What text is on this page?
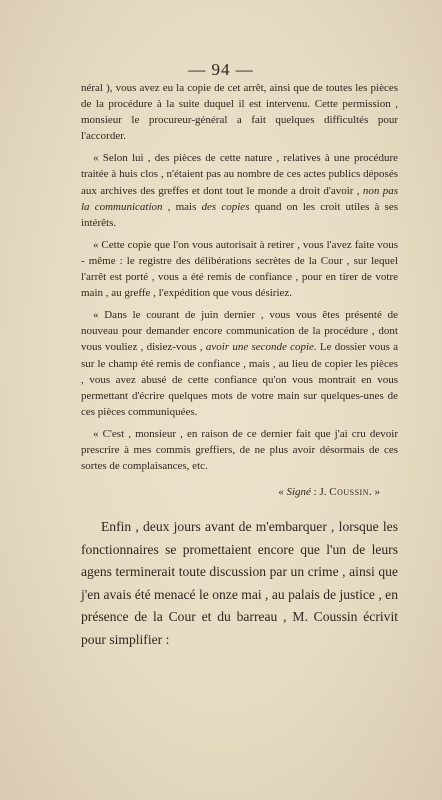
— 94 —

néral ), vous avez eu la copie de cet arrêt, ainsi que de toutes les pièces de la procédure à la suite duquel il est intervenu. Cette permission , monsieur le procureur-général a fait quelques difficultés pour l'accorder.

« Selon lui , des pièces de cette nature , relatives à une procédure traitée à huis clos , n'étaient pas au nombre de ces actes publics déposés aux archives des greffes et dont tout le monde a droit d'avoir , non pas la communication , mais des copies quand on les croit utiles à ses intérêts.

« Cette copie que l'on vous autorisait à retirer , vous l'avez faite vous - même : le registre des délibérations secrètes de la Cour , sur lequel l'arrêt est porté , vous a été remis de confiance , pour en tirer de votre main , au greffe , l'expédition que vous désiriez.

« Dans le courant de juin dernier , vous vous êtes présenté de nouveau pour demander encore communication de la procédure , dont vous vouliez , disiez-vous , avoir une seconde copie. Le dossier vous a sur le champ été remis de confiance , mais , au lieu de copier les pièces , vous avez abusé de cette confiance qu'on vous montrait en vous permettant d'écrire quelques mots de votre main sur quelques-unes de ces pièces communiquées.

« C'est , monsieur , en raison de ce dernier fait que j'ai cru devoir prescrire à mes commis greffiers, de ne plus avoir désormais de ces sortes de complaisances, etc.

« Signé : J. Coussin. »

Enfin , deux jours avant de m'embarquer , lorsque les fonctionnaires se promettaient encore que l'un de leurs agens terminerait toute discussion par un crime , ainsi que j'en avais été menacé le onze mai , au palais de justice , en présence de la Cour et du barreau , M. Coussin écrivit pour simplifier :
